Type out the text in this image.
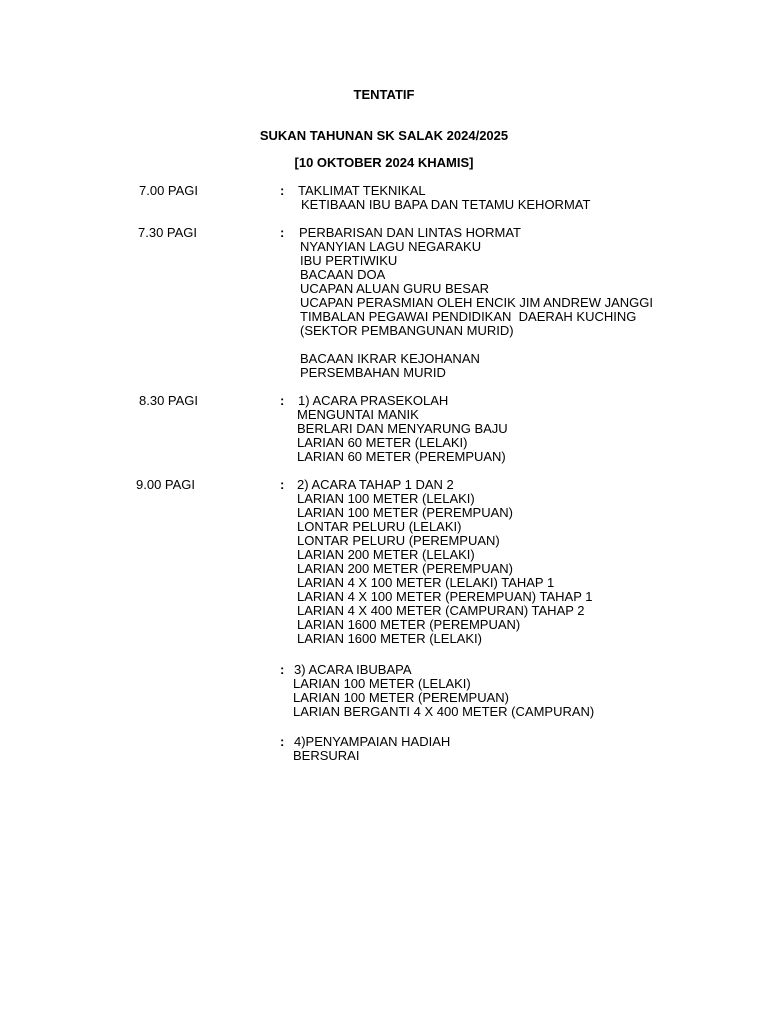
TENTATIF
SUKAN TAHUNAN SK SALAK 2024/2025
[10 OKTOBER 2024 KHAMIS]
7.00 PAGI	: TAKLIMAT TEKNIKAL
KETIBAAN IBU BAPA DAN TETAMU KEHORMAT
7.30 PAGI	: PERBARISAN DAN LINTAS HORMAT
NYANYIAN LAGU NEGARAKU
IBU PERTIWIKU
BACAAN DOA
UCAPAN ALUAN GURU BESAR
UCAPAN PERASMIAN OLEH ENCIK JIM ANDREW JANGGI
TIMBALAN PEGAWAI PENDIDIKAN  DAERAH KUCHING
(SEKTOR PEMBANGUNAN MURID)
BACAAN IKRAR KEJOHANAN
PERSEMBAHAN MURID
8.30 PAGI	: 1) ACARA PRASEKOLAH
MENGUNTAI MANIK
BERLARI DAN MENYARUNG BAJU
LARIAN 60 METER (LELAKI)
LARIAN 60 METER (PEREMPUAN)
9.00 PAGI	: 2) ACARA TAHAP 1 DAN 2
LARIAN 100 METER (LELAKI)
LARIAN 100 METER (PEREMPUAN)
LONTAR PELURU (LELAKI)
LONTAR PELURU (PEREMPUAN)
LARIAN 200 METER (LELAKI)
LARIAN 200 METER (PEREMPUAN)
LARIAN 4 X 100 METER (LELAKI) TAHAP 1
LARIAN 4 X 100 METER (PEREMPUAN) TAHAP 1
LARIAN 4 X 400 METER (CAMPURAN) TAHAP 2
LARIAN 1600 METER (PEREMPUAN)
LARIAN 1600 METER (LELAKI)
: 3) ACARA IBUBAPA
LARIAN 100 METER (LELAKI)
LARIAN 100 METER (PEREMPUAN)
LARIAN BERGANTI 4 X 400 METER (CAMPURAN)
: 4)PENYAMPAIAN HADIAH
BERSURAI
